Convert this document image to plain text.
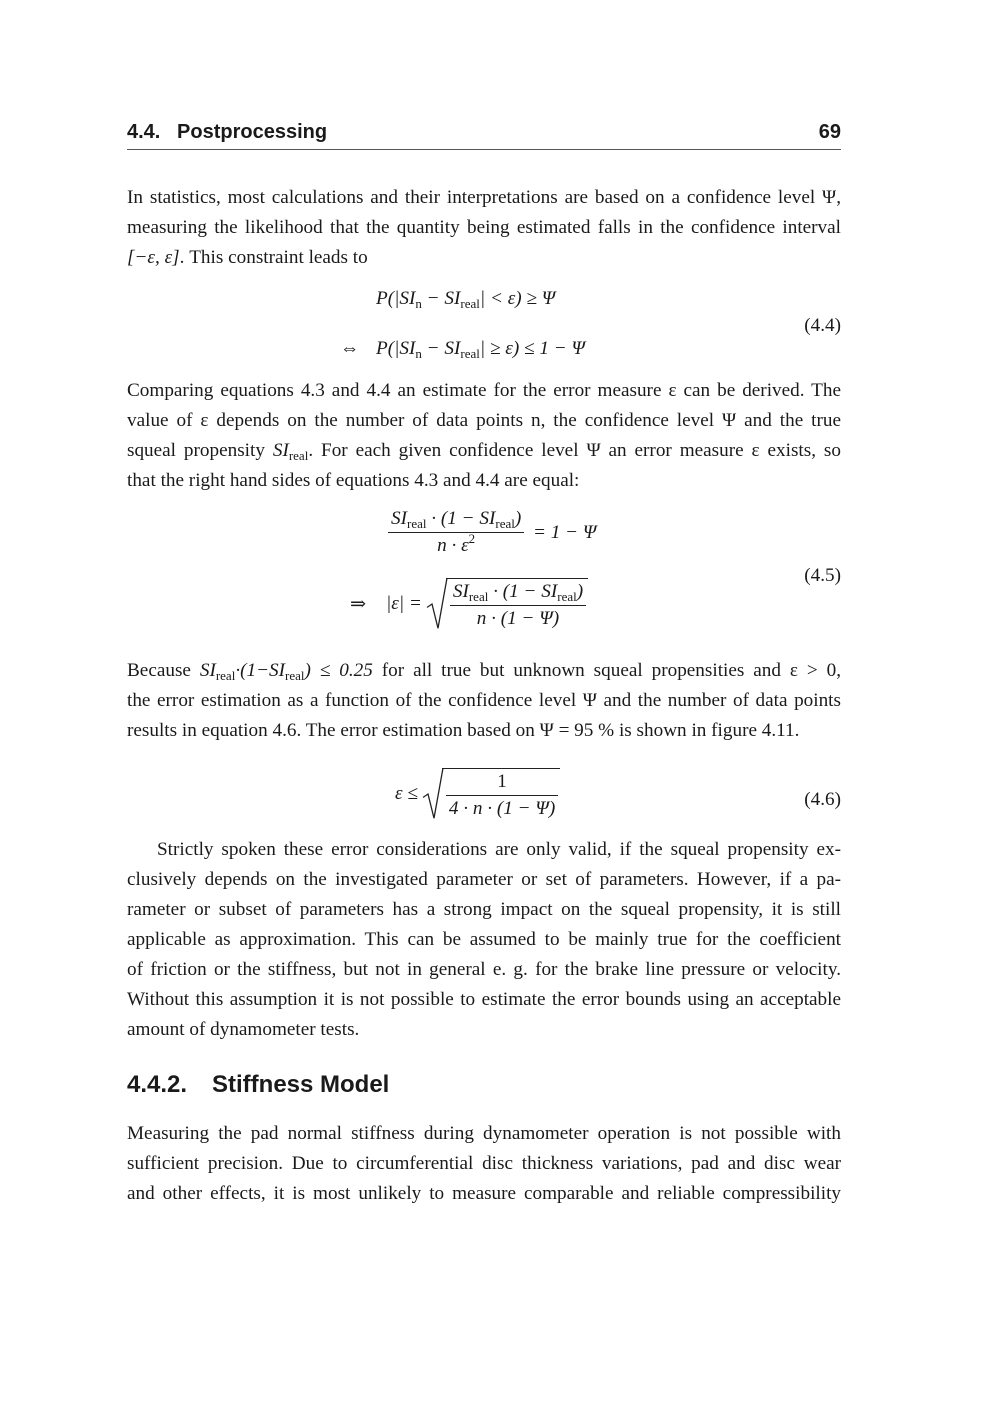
4.4.   Postprocessing	69
In statistics, most calculations and their interpretations are based on a confidence level Ψ,
measuring the likelihood that the quantity being estimated falls in the confidence interval
[−ε, ε]. This constraint leads to
$P(|SI_n - SI_{real}| < \varepsilon) \ge \Psi$
⇔ $P(|SI_n - SI_{real}| \ge \varepsilon) \le 1 - \Psi$
(4.4)
Comparing equations 4.3 and 4.4 an estimate for the error measure ε can be derived. The
value of ε depends on the number of data points n, the confidence level Ψ and the true
squeal propensity $SI_{real}$. For each given confidence level Ψ an error measure ε exists, so
that the right hand sides of equations 4.3 and 4.4 are equal:
$\frac{SI_{real} \cdot (1 - SI_{real})}{n \cdot \varepsilon^2} = 1 - \Psi$
⇒ $|\varepsilon| = \frac{SI_{real} \cdot (1 - SI_{real})}{n \cdot (1 - \Psi)}$
(4.5)
Because $SI_{real}\cdot(1-SI_{real}) \le 0.25$ for all true but unknown squeal propensities and ε > 0,
the error estimation as a function of the confidence level Ψ and the number of data points
results in equation 4.6. The error estimation based on Ψ = 95 % is shown in figure 4.11.
$\varepsilon \le \frac{1}{4 \cdot n \cdot (1 - \Psi)}$	(4.6)
Strictly spoken these error considerations are only valid, if the squeal propensity ex-
clusively depends on the investigated parameter or set of parameters. However, if a pa-
rameter or subset of parameters has a strong impact on the squeal propensity, it is still
applicable as approximation. This can be assumed to be mainly true for the coefficient
of friction or the stiffness, but not in general e. g. for the brake line pressure or velocity.
Without this assumption it is not possible to estimate the error bounds using an acceptable
amount of dynamometer tests.
4.4.2. Stiffness Model
Measuring the pad normal stiffness during dynamometer operation is not possible with
sufficient precision. Due to circumferential disc thickness variations, pad and disc wear
and other effects, it is most unlikely to measure comparable and reliable compressibility
